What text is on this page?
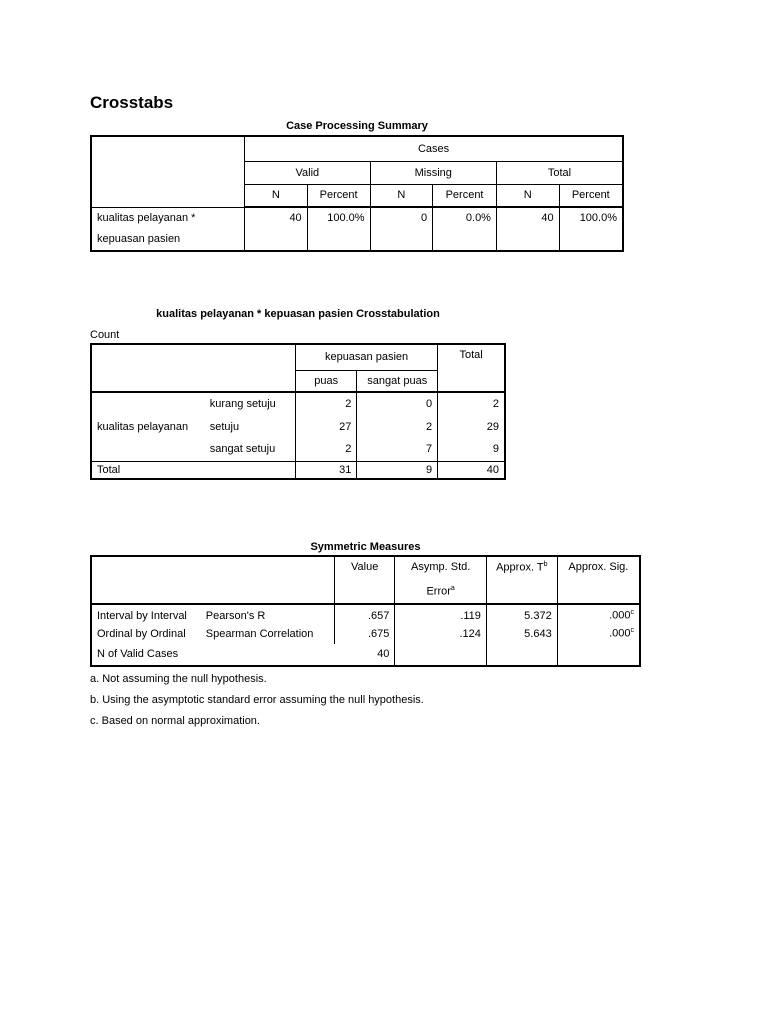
Crosstabs
Case Processing Summary
	Cases					
	Valid		Missing		Total	
	N	Percent	N	Percent	N	Percent

kualitas pelayanan *
kepuasan pasien	40	100.0%	0	0.0%	40	100.0%
kualitas pelayanan * kepuasan pasien Crosstabulation
Count
		kepuasan pasien		Total
		puas	sangat puas	
kualitas pelayanan	kurang setuju	2	0	2
	setuju	27	2	29
	sangat setuju	2	7	9
Total		31	9	40
Symmetric Measures
		Value	Asymp. Std.
Error$^a$	Approx. $T^b$	Approx. Sig.
Interval by Interval	Pearson's R	.657	.119	5.372	.000$^c$
Ordinal by Ordinal	Spearman Correlation	.675	.124	5.643	.000$^c$
N of Valid Cases		40			
a. Not assuming the null hypothesis.
b. Using the asymptotic standard error assuming the null hypothesis.
c. Based on normal approximation.
